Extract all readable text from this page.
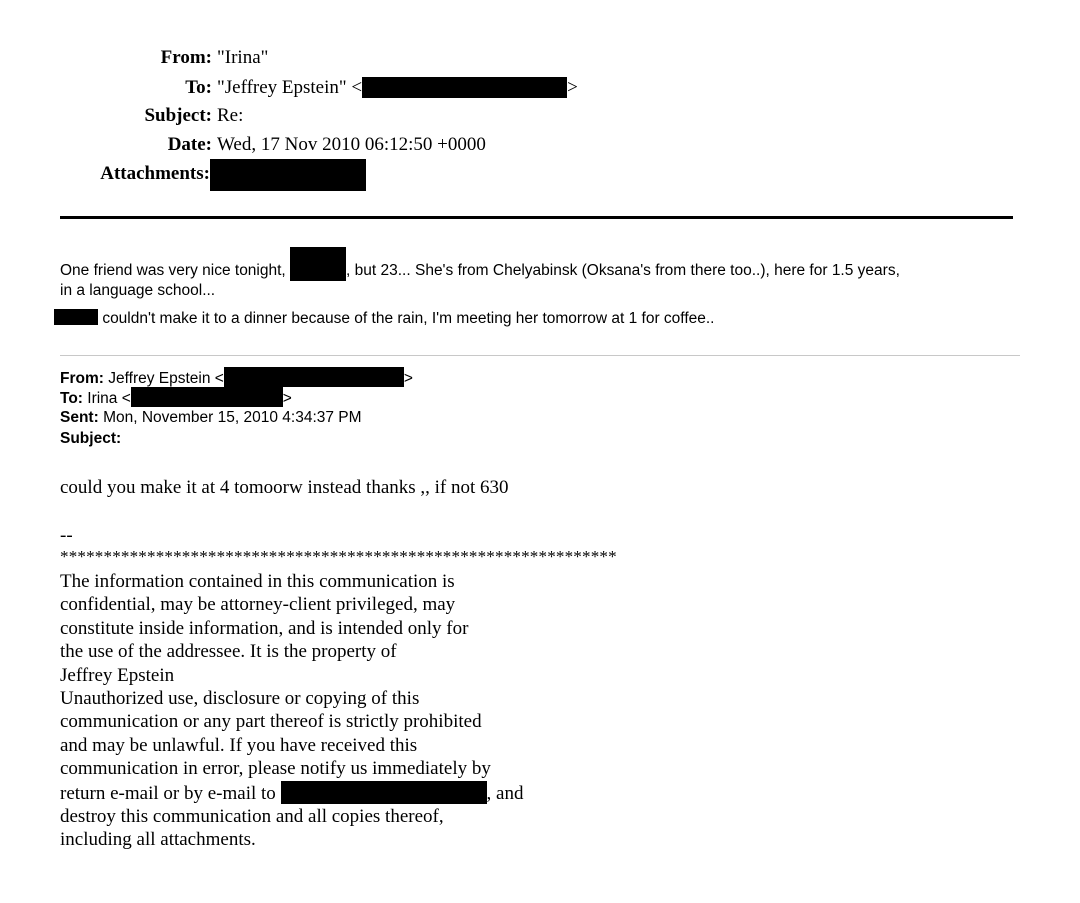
From: "Irina"
To: "Jeffrey Epstein" <	>
Subject: Re:
Date: Wed, 17 Nov 2010 06:12:50 +0000
Attachments:
One friend was very nice tonight,	, but 23... She's from Chelyabinsk (Oksana's from there too..), here for 1.5 years,
in a language school...
couldn't make it to a dinner because of the rain, I'm meeting her tomorrow at 1 for coffee..
From: Jeffrey Epstein <	>
To: Irina <	>
Sent: Mon, November 15, 2010 4:34:37 PM
Subject:
could you make it at 4 tomoorw instead thanks ,, if not 630
--
****************************************************************
The information contained in this communication is
confidential, may be attorney-client privileged, may
constitute inside information, and is intended only for
the use of the addressee. It is the property of
Jeffrey Epstein
Unauthorized use, disclosure or copying of this
communication or any part thereof is strictly prohibited
and may be unlawful. If you have received this
communication in error, please notify us immediately by
return e-mail or by e-mail to	, and
destroy this communication and all copies thereof,
including all attachments.
